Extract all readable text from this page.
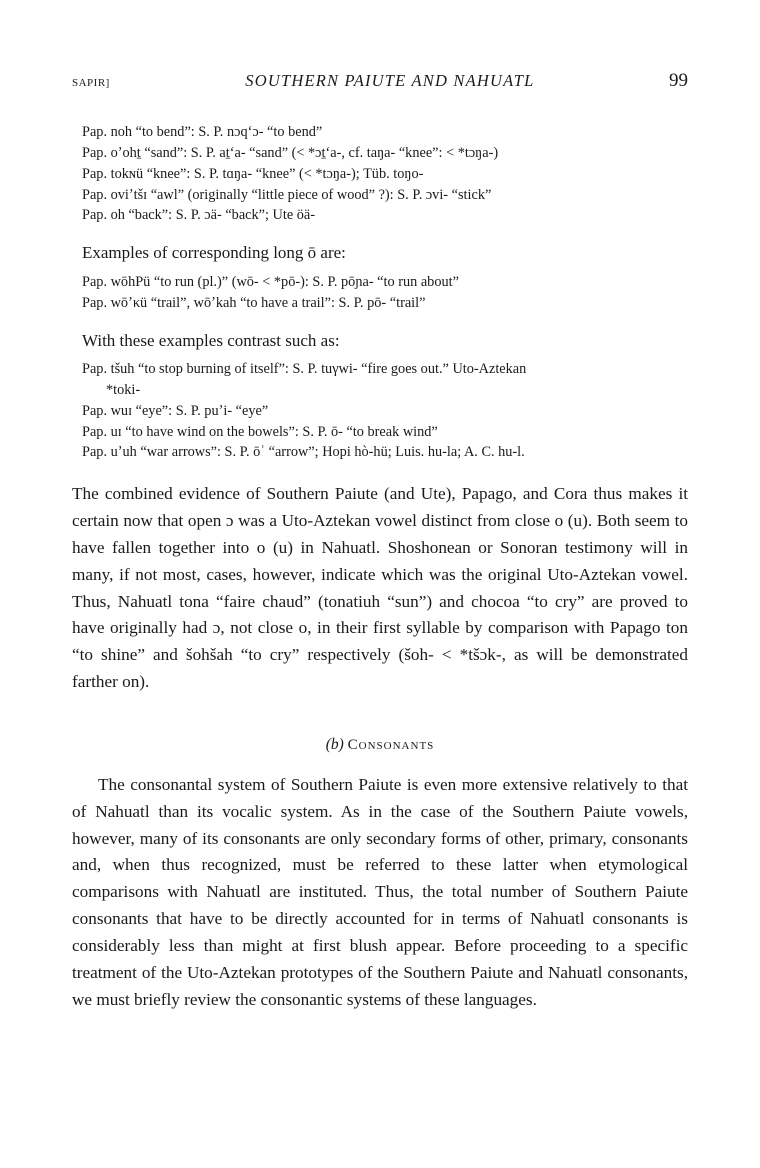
SAPIR]	SOUTHERN PAIUTE AND NAHUATL	99
Pap. noh “to bend”: S. P. nɔqʻɔ- “to bend”
Pap. oʼohṯ “sand”: S. P. aṯʻa- “sand” (< *ɔṯʻa-, cf. taŋa- “knee”: < *tɔŋa-)
Pap. tokɴü “knee”: S. P. tɑŋa- “knee” (< *tɔŋa-); Tüb. toŋo-
Pap. oviʼtšɪ “awl” (originally “little piece of wood” ?): S. P. ɔvi- “stick”
Pap. oh “back”: S. P. ɔä- “back”; Ute öä-
Examples of corresponding long ō are:
Pap. wōhPü “to run (pl.)” (wō- < *pō-): S. P. pōɲa- “to run about”
Pap. wōʼκü “trail”, wōʼkah “to have a trail”: S. P. pō- “trail”
With these examples contrast such as:
Pap. tšuh “to stop burning of itself”: S. P. tuγwi- “fire goes out.” Uto-Aztekan
*toki-
Pap. wuɪ “eye”: S. P. puʼi- “eye”
Pap. uɪ “to have wind on the bowels”: S. P. ō- “to break wind”
Pap. uʼuh “war arrows”: S. P. ōʿ “arrow”; Hopi hò-hü; Luis. hu-la; A. C. hu-l.

The combined evidence of Southern Paiute (and Ute), Papago, and Cora thus makes it certain now that open ɔ was a Uto-Aztekan vowel distinct from close o (u). Both seem to have fallen together into o (u) in Nahuatl. Shoshonean or Sonoran testimony will in many, if not most, cases, however, indicate which was the original Uto-Aztekan vowel. Thus, Nahuatl tona “faire chaud” (tonatiuh “sun”) and chocoa “to cry” are proved to have originally had ɔ, not close o, in their first syllable by comparison with Papago ton “to shine” and šohšah “to cry” respectively (šoh- < *tšɔk-, as will be demonstrated farther on).

(b) Consonants

The consonantal system of Southern Paiute is even more extensive relatively to that of Nahuatl than its vocalic system. As in the case of the Southern Paiute vowels, however, many of its consonants are only secondary forms of other, primary, consonants and, when thus recognized, must be referred to these latter when etymological comparisons with Nahuatl are instituted. Thus, the total number of Southern Paiute consonants that have to be directly accounted for in terms of Nahuatl consonants is considerably less than might at first blush appear. Before proceeding to a specific treatment of the Uto-Aztekan prototypes of the Southern Paiute and Nahuatl consonants, we must briefly review the consonantic systems of these languages.
